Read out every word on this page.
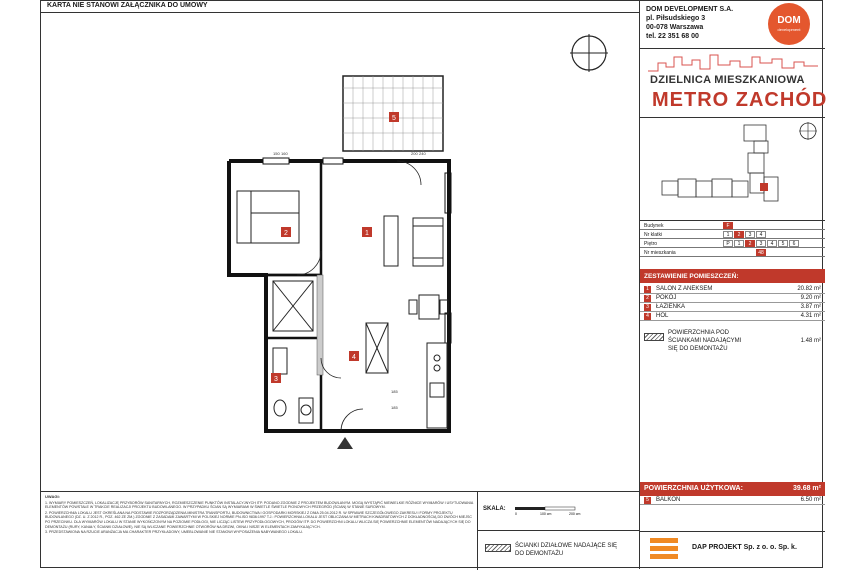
KARTA NIE STANOWI ZAŁĄCZNIKA DO UMOWY
150 160	200 240
185
185
1
2
3
4
5

UWAGI:

1. WYMIARY POMIESZCZEŃ, LOKALIZACJĘ PRZYBORÓW SANITARNYCH, ROZMIESZCZENIE PUNKTÓW INSTALACYJNYCH ITP. PODANO ZGODNIE Z PROJEKTEM BUDOWLANYM. MOGĄ WYSTĄPIĆ NIEWIELKIE RÓŻNICE WYMIARÓW I USYTUOWANIA ELEMENTÓW POWSTAŁE W TRAKCIE REALIZACJI PROJEKTU BUDOWLANEGO. W PRZYPADKU ŚCIAN SĄ WYMIARAMI W ŚWIETLE ŚWIETLE PIONOWYCH PRZEGRÓD (ŚCIAN) W STANIE SUROWYM.

2. POWIERZCHNIA LOKALU JEST OKREŚLANA NA PODSTAWIE ROZPORZĄDZENIA MINISTRA TRANSPORTU, BUDOWNICTWA I GOSPODARKI MORSKIEJ Z DNIA 25.04.2012 R. W SPRAWIE SZCZEGÓŁOWEGO ZAKRESU I FORMY PROJEKTU BUDOWLANEGO (DZ. U. Z 2012 R., POZ. 462 ZE ZM.) ZGODNIE Z ZASADAMI ZAWARTYMI W POLSKIEJ NORMIE PN-ISO 9836:1997 T.J.: POWIERZCHNIA LOKALU JEST OBLICZANA W METRACH KWADRATOWYCH Z DOKŁADNOŚCIĄ DO DWÓCH MIEJSC PO PRZECINKU. DLA WYMIARÓW LOKALU W STANIE WYKOŃCZONYM NA POZIOMIE PODŁOGI, NIE LICZĄC LISTEW PRZYPODŁOGOWYCH, PROGÓW ITP. DO POWIERZCHNI LOKALU WLICZA SIĘ POWIERZCHNIE ELEMENTÓW NADAJĄCYCH SIĘ DO DEMONTAŻU (RURY, KANAŁY, ŚCIANKI DZIAŁOWE), NIE SĄ WLICZANE POWIERZCHNIE OTWORÓW NA DRZWI, OKNA I NISZE W ELEMENTACH ZAMYKAJĄCYCH.

3. PRZEDSTAWIONA NA RZUCIE ARANŻACJA MA CHARAKTER PRZYKŁADOWY, UMEBLOWANIE NIE STANOWI WYPOSAŻENIA NABYWANEGO LOKALU.

SKALA:
0	100 cm	200 cm
ŚCIANKI DZIAŁOWE NADAJĄCE SIĘ
DO DEMONTAŻU
DOM DEVELOPMENT S.A.
pl. Piłsudskiego 3
00-078 Warszawa
tel. 22 351 68 00
DOM
development
DZIELNICA MIESZKANIOWA
METRO ZACHÓD
Budynek	F
Nr klatki	1	2	3	4
Piętro	P	1	2	3	4	5	6
Nr mieszkania	48
ZESTAWIENIE POMIESZCZEŃ:
1	SALON Z ANEKSEM	20.82 m²
2	POKÓJ	9.20 m²
3	ŁAZIENKA	3.87 m²
4	HOL	4.31 m²
POWIERZCHNIA POD
ŚCIANKAMI NADAJĄCYMI
SIĘ DO DEMONTAŻU
1.48 m²
POWIERZCHNIA UŻYTKOWA:	39.68 m²
5	BALKON	6.50 m²
DAP PROJEKT Sp. z o. o. Sp. k.
